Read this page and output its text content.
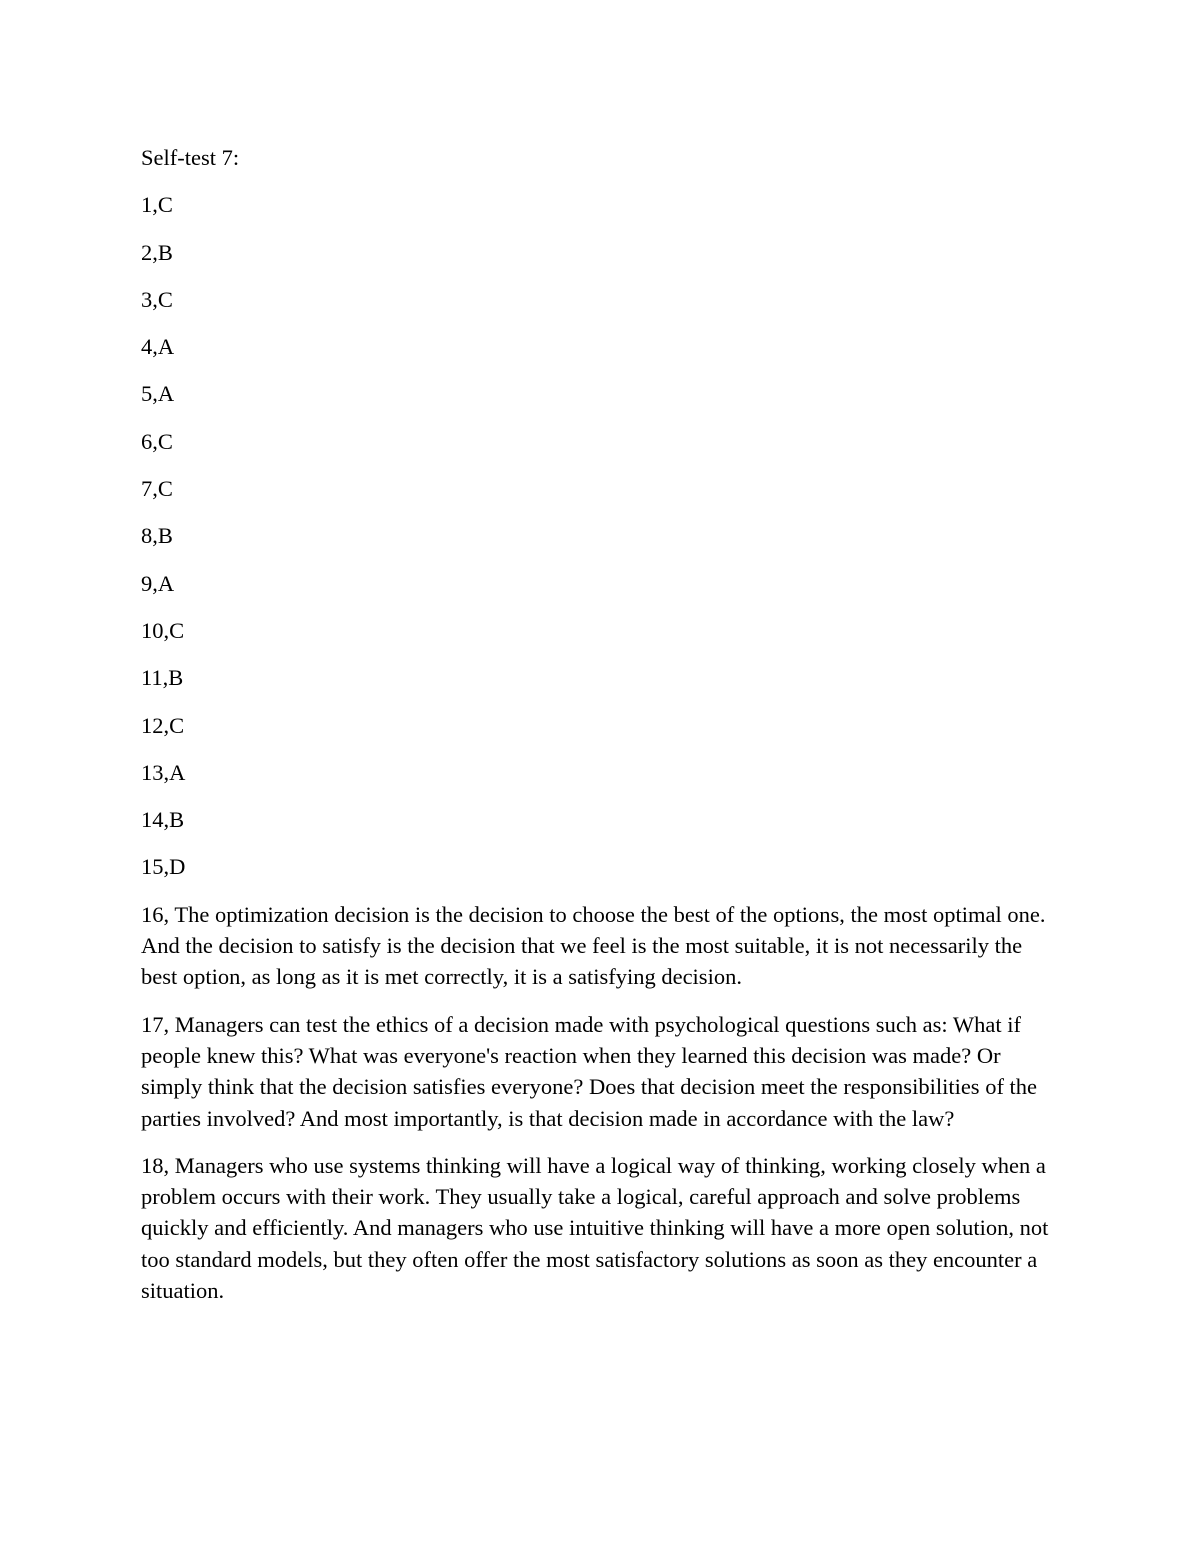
Self-test 7:
1,C
2,B
3,C
4,A
5,A
6,C
7,C
8,B
9,A
10,C
11,B
12,C
13,A
14,B
15,D

16, The optimization decision is the decision to choose the best of the options, the most optimal one. And the decision to satisfy is the decision that we feel is the most suitable, it is not necessarily the best option, as long as it is met correctly, it is a satisfying decision.

17, Managers can test the ethics of a decision made with psychological questions such as: What if people knew this? What was everyone's reaction when they learned this decision was made? Or simply think that the decision satisfies everyone? Does that decision meet the responsibilities of the parties involved? And most importantly, is that decision made in accordance with the law?

18, Managers who use systems thinking will have a logical way of thinking, working closely when a problem occurs with their work. They usually take a logical, careful approach and solve problems quickly and efficiently. And managers who use intuitive thinking will have a more open solution, not too standard models, but they often offer the most satisfactory solutions as soon as they encounter a situation.
